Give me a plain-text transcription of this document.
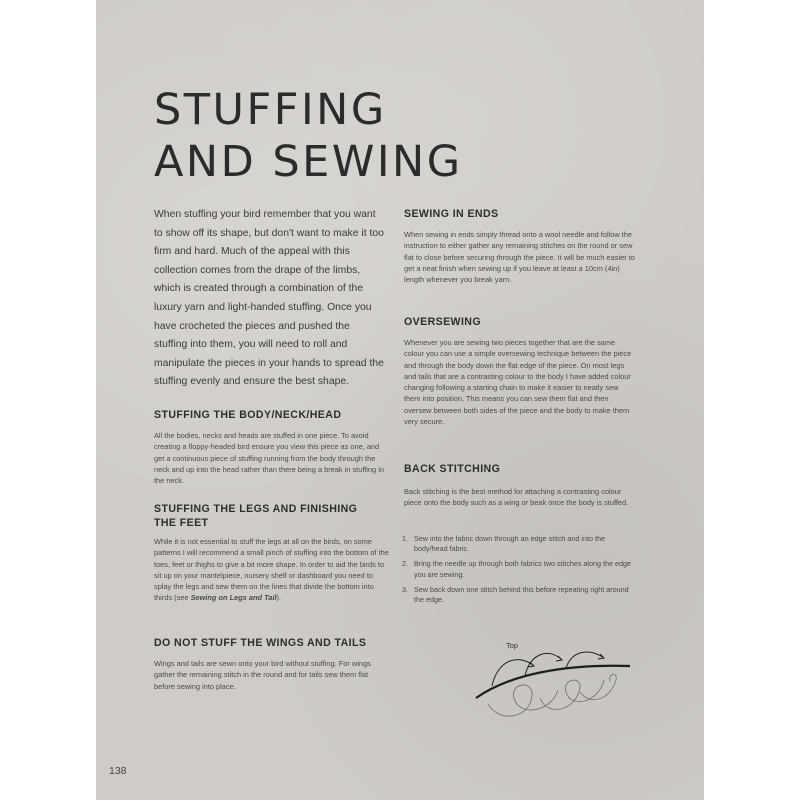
STUFFING
AND SEWING

When stuffing your bird remember that you want to show off its shape, but don't want to make it too firm and hard. Much of the appeal with this collection comes from the drape of the limbs, which is created through a combination of the luxury yarn and light-handed stuffing. Once you have crocheted the pieces and pushed the stuffing into them, you will need to roll and manipulate the pieces in your hands to spread the stuffing evenly and ensure the best shape.

STUFFING THE BODY/NECK/HEAD

All the bodies, necks and heads are stuffed in one piece. To avoid creating a floppy-headed bird ensure you view this piece as one, and get a continuous piece of stuffing running from the body through the neck and up into the head rather than there being a break in stuffing in the neck.

STUFFING THE LEGS AND FINISHING
THE FEET

While it is not essential to stuff the legs at all on the birds, on some patterns I will recommend a small pinch of stuffing into the bottom of the toes, feet or thighs to give a bit more shape. In order to aid the birds to sit up on your mantelpiece, nursery shelf or dashboard you need to splay the legs and sew them on the lines that divide the bottom into thirds (see Sewing on Legs and Tail).

DO NOT STUFF THE WINGS AND TAILS

Wings and tails are sewn onto your bird without stuffing. For wings gather the remaining stitch in the round and for tails sew them flat before sewing into place.

SEWING IN ENDS

When sewing in ends simply thread onto a wool needle and follow the instruction to either gather any remaining stitches on the round or sew flat to close before securing through the piece. It will be much easier to get a neat finish when sewing up if you leave at least a 10cm (4in) length whenever you break yarn.

OVERSEWING

Whenever you are sewing two pieces together that are the same colour you can use a simple oversewing technique between the piece and through the body down the flat edge of the piece. On most legs and tails that are a contrasting colour to the body I have added colour changing following a starting chain to make it easier to neatly sew them into position. This means you can sew them flat and then oversew between both sides of the piece and the body to make them very secure.

BACK STITCHING

Back stitching is the best method for attaching a contrasting colour piece onto the body such as a wing or beak once the body is stuffed.

1. Sew into the fabric down through an edge stitch and into the body/head fabric.
2. Bring the needle up through both fabrics two stitches along the edge you are sewing.
3. Sew back down one stitch behind this before repeating right around the edge.
Top
138
